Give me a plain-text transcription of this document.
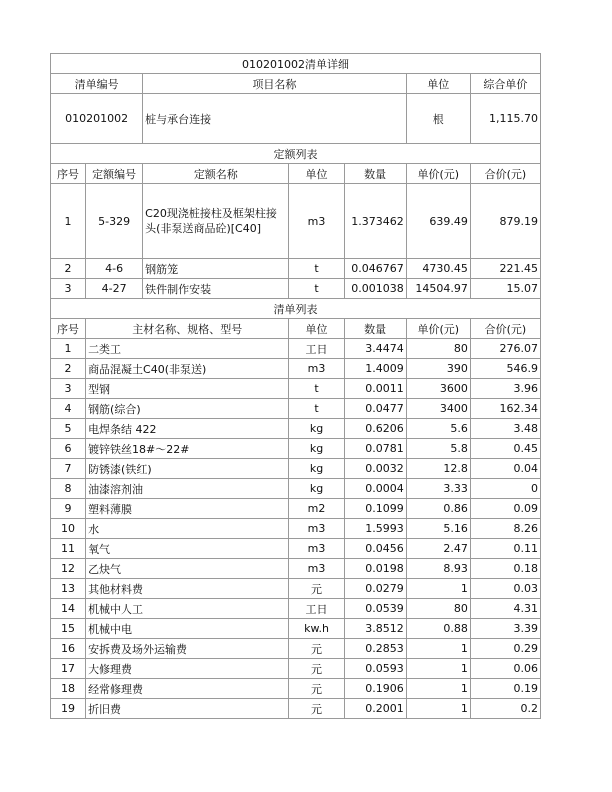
010201002清单详细						
清单编号		项目名称			单位	综合单价
010201002		桩与承台连接			根	1,115.70
定额列表						
序号	定额编号	定额名称	单位	数量	单价(元)	合价(元)
1	5-329	C20现浇桩接柱及框架柱接头(非泵送商品砼)[C40]	m3	1.373462	639.49	879.19
2	4-6	钢筋笼	t	0.046767	4730.45	221.45
3	4-27	铁件制作安装	t	0.001038	14504.97	15.07
清单列表						
序号	主材名称、规格、型号		单位	数量	单价(元)	合价(元)
1	二类工		工日	3.4474	80	276.07
2	商品混凝土C40(非泵送)		m3	1.4009	390	546.9
3	型钢		t	0.0011	3600	3.96
4	钢筋(综合)		t	0.0477	3400	162.34
5	电焊条结 422		kg	0.6206	5.6	3.48
6	镀锌铁丝18#～22#		kg	0.0781	5.8	0.45
7	防锈漆(铁红)		kg	0.0032	12.8	0.04
8	油漆溶剂油		kg	0.0004	3.33	0
9	塑料薄膜		m2	0.1099	0.86	0.09
10	水		m3	1.5993	5.16	8.26
11	氧气		m3	0.0456	2.47	0.11
12	乙炔气		m3	0.0198	8.93	0.18
13	其他材料费		元	0.0279	1	0.03
14	机械中人工		工日	0.0539	80	4.31
15	机械中电		kw.h	3.8512	0.88	3.39
16	安拆费及场外运输费		元	0.2853	1	0.29
17	大修理费		元	0.0593	1	0.06
18	经常修理费		元	0.1906	1	0.19
19	折旧费		元	0.2001	1	0.2
